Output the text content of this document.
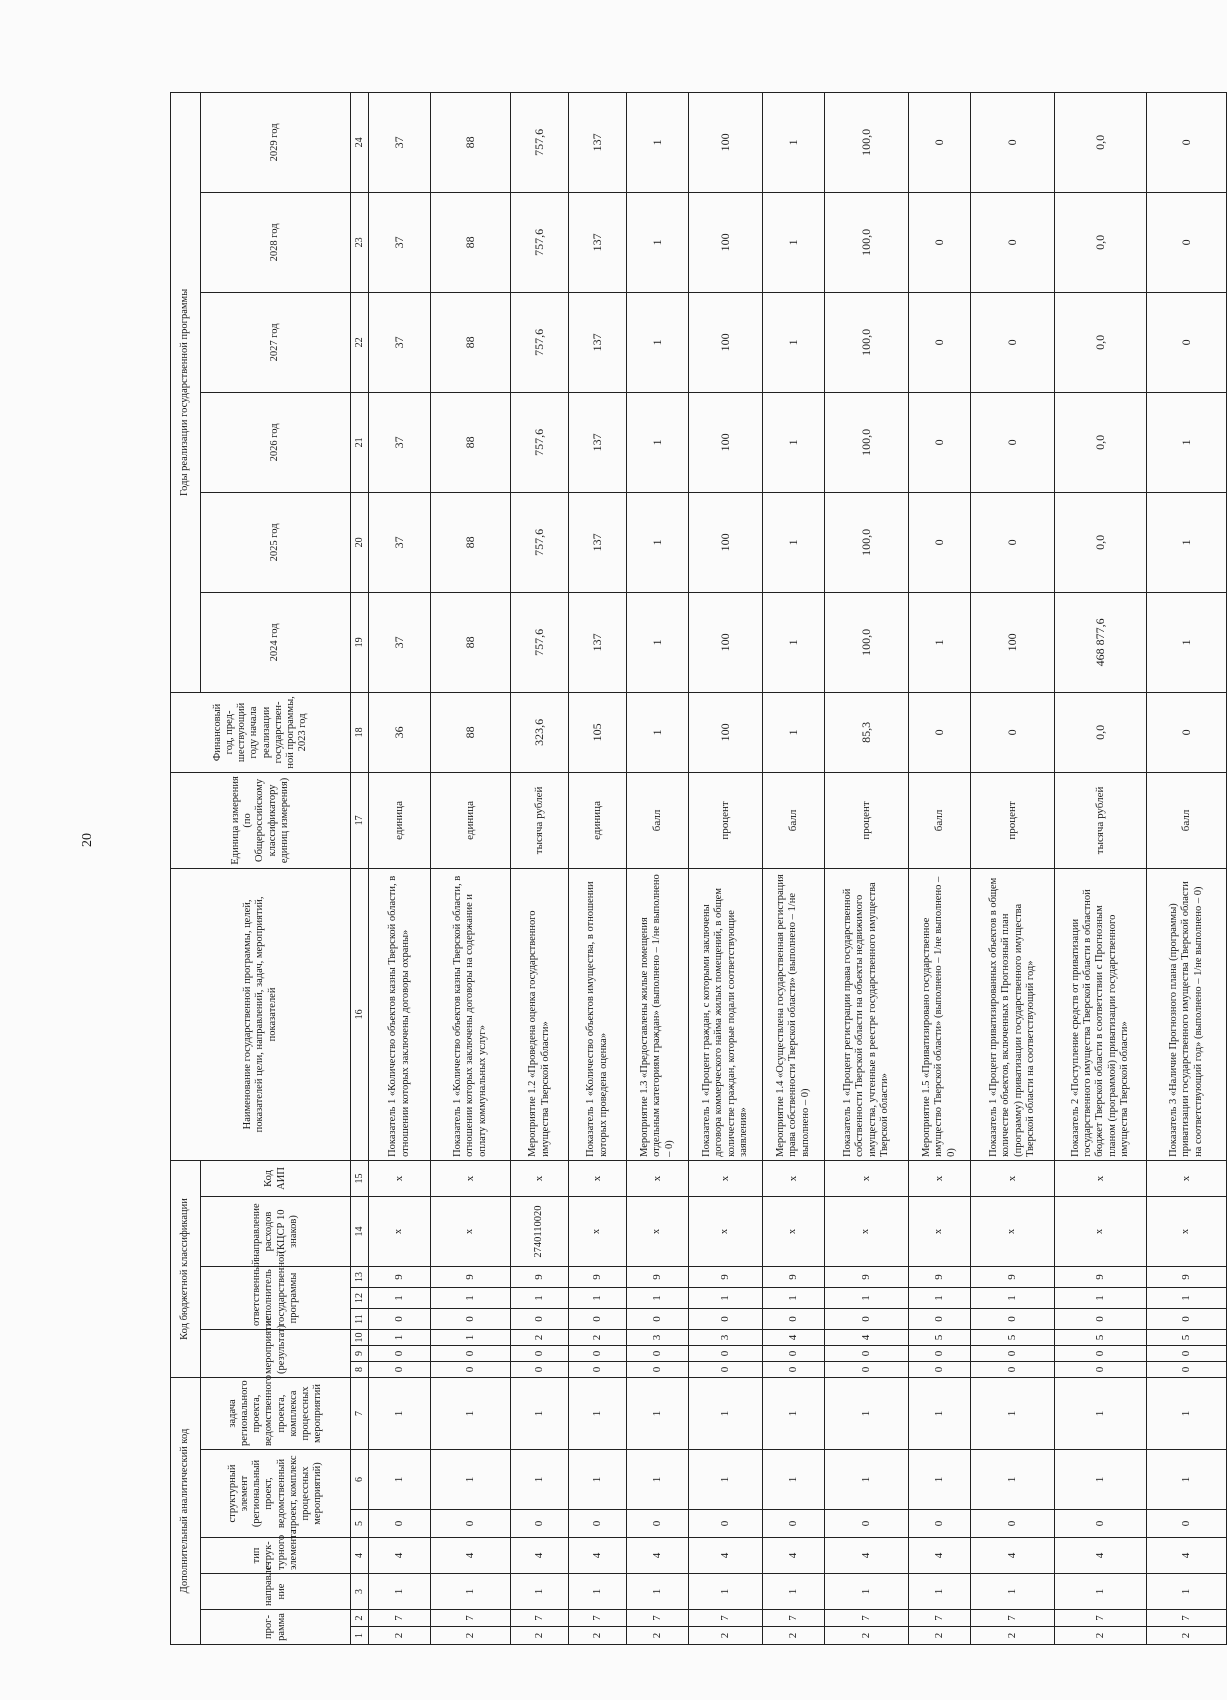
20
Дополнительный аналитический код							Код бюджетной классификации								Наименование государственной программы, целей, показателей цели, направлений, задач, мероприятий, показателей	Единица измерения (по Общероссийскому классификатору единиц измерения)	Финансовый год, пред-шествующий году начала реализации государствен-ной программы, 2023 год	Годы реализации государственной программы					
прог-рамма		направле-ние	тип струк-турного элемента	структурный элемент (региональный проект, ведомственный проект, комплекс процессных мероприятий)		задача регионального проекта, ведомственного проекта, комплекса процессных мероприятий	мероприятие (результат)			ответственный исполнитель государственной программы			направление расходов (КЦСР 10 знаков)	Код АИП				2024 год	2025 год	2026 год	2027 год	2028 год	2029 год
1	2	3	4	5	6	7	8	9	10	11	12	13	14	15	16	17	18	19	20	21	22	23	24
2	7	1	4	0	1	1	0	0	1	0	1	9	x	x	Показатель 1 «Количество объектов казны Тверской области, в отношении которых заключены договоры охраны»	единица	36	37	37	37	37	37	37
2	7	1	4	0	1	1	0	0	1	0	1	9	x	x	Показатель 1 «Количество объектов казны Тверской области, в отношении которых заключены договоры на содержание и оплату коммунальных услуг»	единица	88	88	88	88	88	88	88
2	7	1	4	0	1	1	0	0	2	0	1	9	2740110020	x	Мероприятие 1.2 «Проведена оценка государственного имущества Тверской области»	тысяча рублей	323,6	757,6	757,6	757,6	757,6	757,6	757,6
2	7	1	4	0	1	1	0	0	2	0	1	9	x	x	Показатель 1 «Количество объектов имущества, в отношении которых проведена оценка»	единица	105	137	137	137	137	137	137
2	7	1	4	0	1	1	0	0	3	0	1	9	x	x	Мероприятие 1.3 «Предоставлены жилые помещения отдельным категориям граждан» (выполнено – 1/не выполнено – 0)	балл	1	1	1	1	1	1	1
2	7	1	4	0	1	1	0	0	3	0	1	9	x	x	Показатель 1 «Процент граждан, с которыми заключены договора коммерческого найма жилых помещений, в общем количестве граждан, которые подали соответствующие заявления»	процент	100	100	100	100	100	100	100
2	7	1	4	0	1	1	0	0	4	0	1	9	x	x	Мероприятие 1.4 «Осуществлена государственная регистрация права собственности Тверской области» (выполнено – 1/не выполнено – 0)	балл	1	1	1	1	1	1	1
2	7	1	4	0	1	1	0	0	4	0	1	9	x	x	Показатель 1 «Процент регистрации права государственной собственности Тверской области на объекты недвижимого имущества, учтенные в реестре государственного имущества Тверской области»	процент	85,3	100,0	100,0	100,0	100,0	100,0	100,0
2	7	1	4	0	1	1	0	0	5	0	1	9	x	x	Мероприятие 1.5 «Приватизировано государственное имущество Тверской области» (выполнено – 1/не выполнено – 0)	балл	0	1	0	0	0	0	0
2	7	1	4	0	1	1	0	0	5	0	1	9	x	x	Показатель 1 «Процент приватизированных объектов в общем количестве объектов, включенных в Прогнозный план (программу) приватизации государственного имущества Тверской области на соответствующий год»	процент	0	100	0	0	0	0	0
2	7	1	4	0	1	1	0	0	5	0	1	9	x	x	Показатель 2 «Поступление средств от приватизации государственного имущества Тверской области в областной бюджет Тверской области в соответствии с Прогнозным планом (программой) приватизации государственного имущества Тверской области»	тысяча рублей	0,0	468 877,6	0,0	0,0	0,0	0,0	0,0
2	7	1	4	0	1	1	0	0	5	0	1	9	x	x	Показатель 3 «Наличие Прогнозного плана (программы) приватизации государственного имущества Тверской области на соответствующий год» (выполнено – 1/не выполнено – 0)	балл	0	1	1	1	0	0	0
